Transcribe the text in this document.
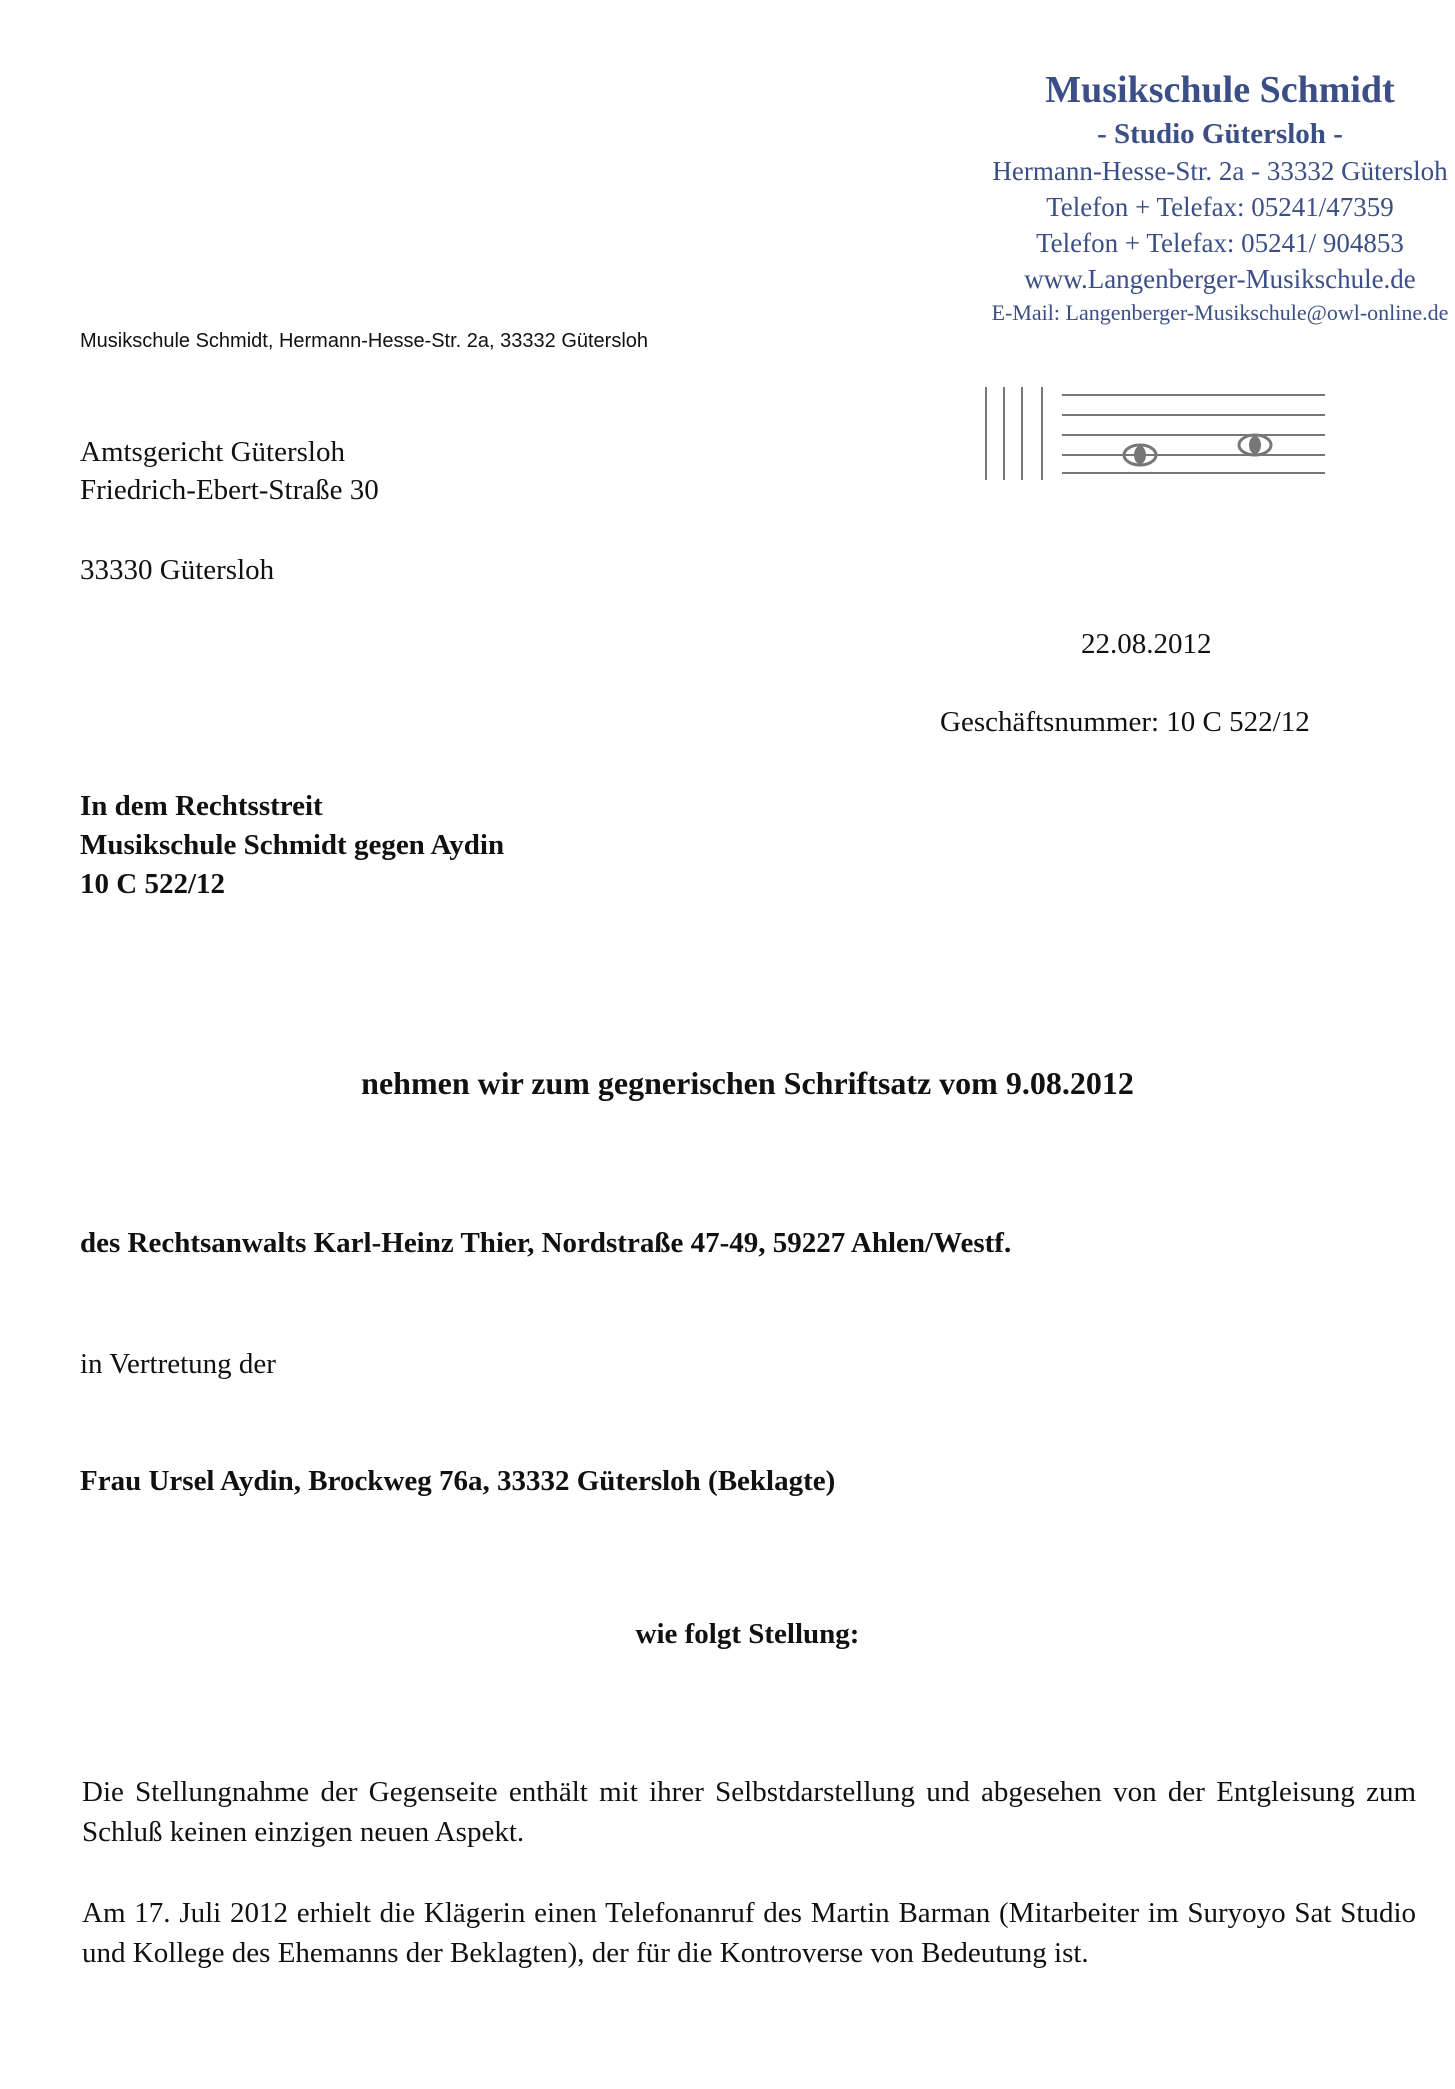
Musikschule Schmidt
- Studio Gütersloh -
Hermann-Hesse-Str. 2a - 33332 Gütersloh
Telefon + Telefax: 05241/47359
Telefon + Telefax: 05241/ 904853
www.Langenberger-Musikschule.de
E-Mail: Langenberger-Musikschule@owl-online.de
Musikschule Schmidt, Hermann-Hesse-Str. 2a, 33332 Gütersloh
Amtsgericht Gütersloh
Friedrich-Ebert-Straße 30
33330 Gütersloh
22.08.2012
Geschäftsnummer: 10 C 522/12
In dem Rechtsstreit
Musikschule Schmidt gegen Aydin
10 C 522/12
nehmen wir zum gegnerischen Schriftsatz vom 9.08.2012
des Rechtsanwalts Karl-Heinz Thier, Nordstraße 47-49, 59227 Ahlen/Westf.
in Vertretung der
Frau Ursel Aydin, Brockweg 76a, 33332 Gütersloh (Beklagte)
wie folgt Stellung:
Die Stellungnahme der Gegenseite enthält mit ihrer Selbstdarstellung und abgesehen von der Entgleisung zum Schluß keinen einzigen neuen Aspekt.
Am 17. Juli 2012 erhielt die Klägerin einen Telefonanruf des Martin Barman (Mitarbeiter im Suryoyo Sat Studio und Kollege des Ehemanns der Beklagten), der für die Kontroverse von Bedeutung ist.
